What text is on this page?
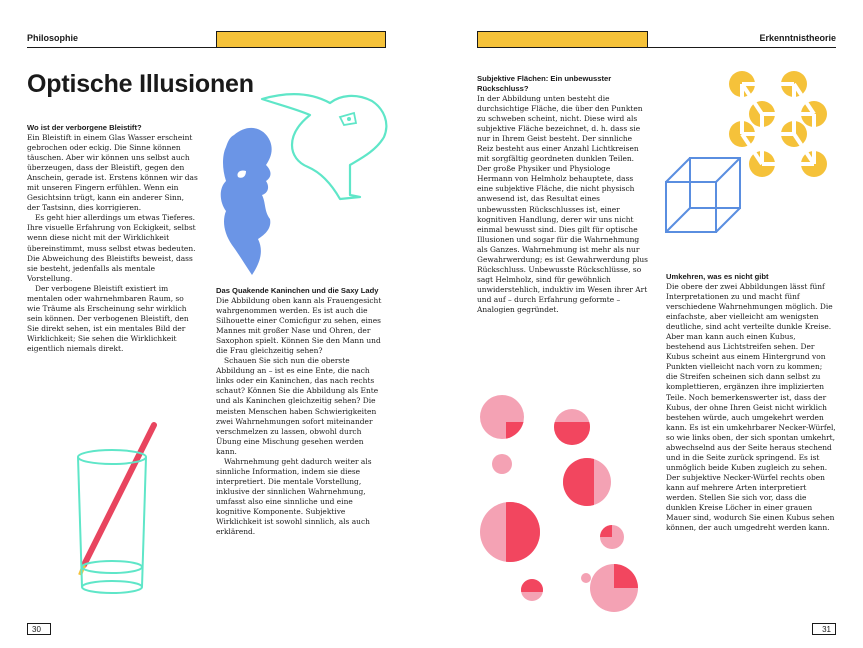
Philosophie	Erkenntnistheorie
Optische Illusionen
Wo ist der verborgene Bleistift?

Ein Bleistift in einem Glas Wasser erscheint gebrochen oder eckig. Die Sinne können täuschen. Aber wir können uns selbst auch überzeugen, dass der Bleistift, gegen den Anschein, gerade ist. Erstens können wir das mit unseren Fingern erfühlen. Wenn ein Gesichtsinn trügt, kann ein anderer Sinn, der Tastsinn, dies korrigieren.

Es geht hier allerdings um etwas Tieferes. Ihre visuelle Erfahrung von Eckigkeit, selbst wenn diese nicht mit der Wirklichkeit übereinstimmt, muss selbst etwas bedeuten. Die Abweichung des Bleistifts beweist, dass sie besteht, jedenfalls als mentale Vorstellung.

Der verbogene Bleistift existiert im mentalen oder wahrnehmbaren Raum, so wie Träume als Erscheinung sehr wirklich sein können. Der verbogenen Bleistift, den Sie direkt sehen, ist ein mentales Bild der Wirklichkeit; Sie sehen die Wirklichkeit eigentlich niemals direkt.

Das Quakende Kaninchen und die Saxy Lady

Die Abbildung oben kann als Frauengesicht wahrgenommen werden. Es ist auch die Silhouette einer Comicfigur zu sehen, eines Mannes mit großer Nase und Ohren, der Saxophon spielt. Können Sie den Mann und die Frau gleichzeitig sehen?

Schauen Sie sich nun die oberste Abbildung an – ist es eine Ente, die nach links oder ein Kaninchen, das nach rechts schaut? Können Sie die Abbildung als Ente und als Kaninchen gleichzeitig sehen? Die meisten Menschen haben Schwierigkeiten zwei Wahrnehmungen sofort miteinander verschmelzen zu lassen, obwohl durch Übung eine Mischung gesehen werden kann.

Wahrnehmung geht dadurch weiter als sinnliche Information, indem sie diese interpretiert. Die mentale Vorstellung, inklusive der sinnlichen Wahrnehmung, umfasst also eine sinnliche und eine kognitive Komponente. Subjektive Wirklichkeit ist sowohl sinnlich, als auch erklärend.

Subjektive Flächen: Ein unbewusster Rückschluss?

In der Abbildung unten besteht die durchsichtige Fläche, die über den Punkten zu schweben scheint, nicht. Diese wird als subjektive Fläche bezeichnet, d. h. dass sie nur in Ihrem Geist besteht. Der sinnliche Reiz besteht aus einer Anzahl Lichtkreisen mit sorgfältig geordneten dunklen Teilen. Der große Physiker und Physiologe Hermann von Helmholz behauptete, dass eine subjektive Fläche, die nicht physisch anwesend ist, das Resultat eines unbewussten Rückschlusses ist, einer kognitiven Handlung, derer wir uns nicht einmal bewusst sind. Dies gilt für optische Illusionen und sogar für die Wahrnehmung als Ganzes. Wahrnehmung ist mehr als nur Gewahrwerdung; es ist Gewahrwerdung plus Rückschluss. Unbewusste Rückschlüsse, so sagt Helmholz, sind für gewöhnlich unwiderstehlich, induktiv im Wesen ihrer Art und auf – durch Erfahrung geformte – Analogien gegründet.

Umkehren, was es nicht gibt

Die obere der zwei Abbildungen lässt fünf Interpretationen zu und macht fünf verschiedene Wahrnehmungen möglich. Die einfachste, aber vielleicht am wenigsten deutliche, sind acht verteilte dunkle Kreise. Aber man kann auch einen Kubus, bestehend aus Lichtstreifen sehen. Der Kubus scheint aus einem Hintergrund von Punkten vielleicht nach vorn zu kommen; die Streifen scheinen sich dann selbst zu komplettieren, ergänzen ihre implizierten Teile. Noch bemerkenswerter ist, dass der Kubus, der ohne Ihren Geist nicht wirklich bestehen würde, auch umgekehrt werden kann. Es ist ein umkehrbarer Necker-Würfel, so wie links oben, der sich spontan umkehrt, abwechselnd aus der Seite heraus stechend und in die Seite zurück springend. Es ist unmöglich beide Kuben zugleich zu sehen. Der subjektive Necker-Würfel rechts oben kann auf mehrere Arten interpretiert werden. Stellen Sie sich vor, dass die dunklen Kreise Löcher in einer grauen Mauer sind, wodurch Sie einen Kubus sehen können, der auch umgedreht werden kann.

30	31
